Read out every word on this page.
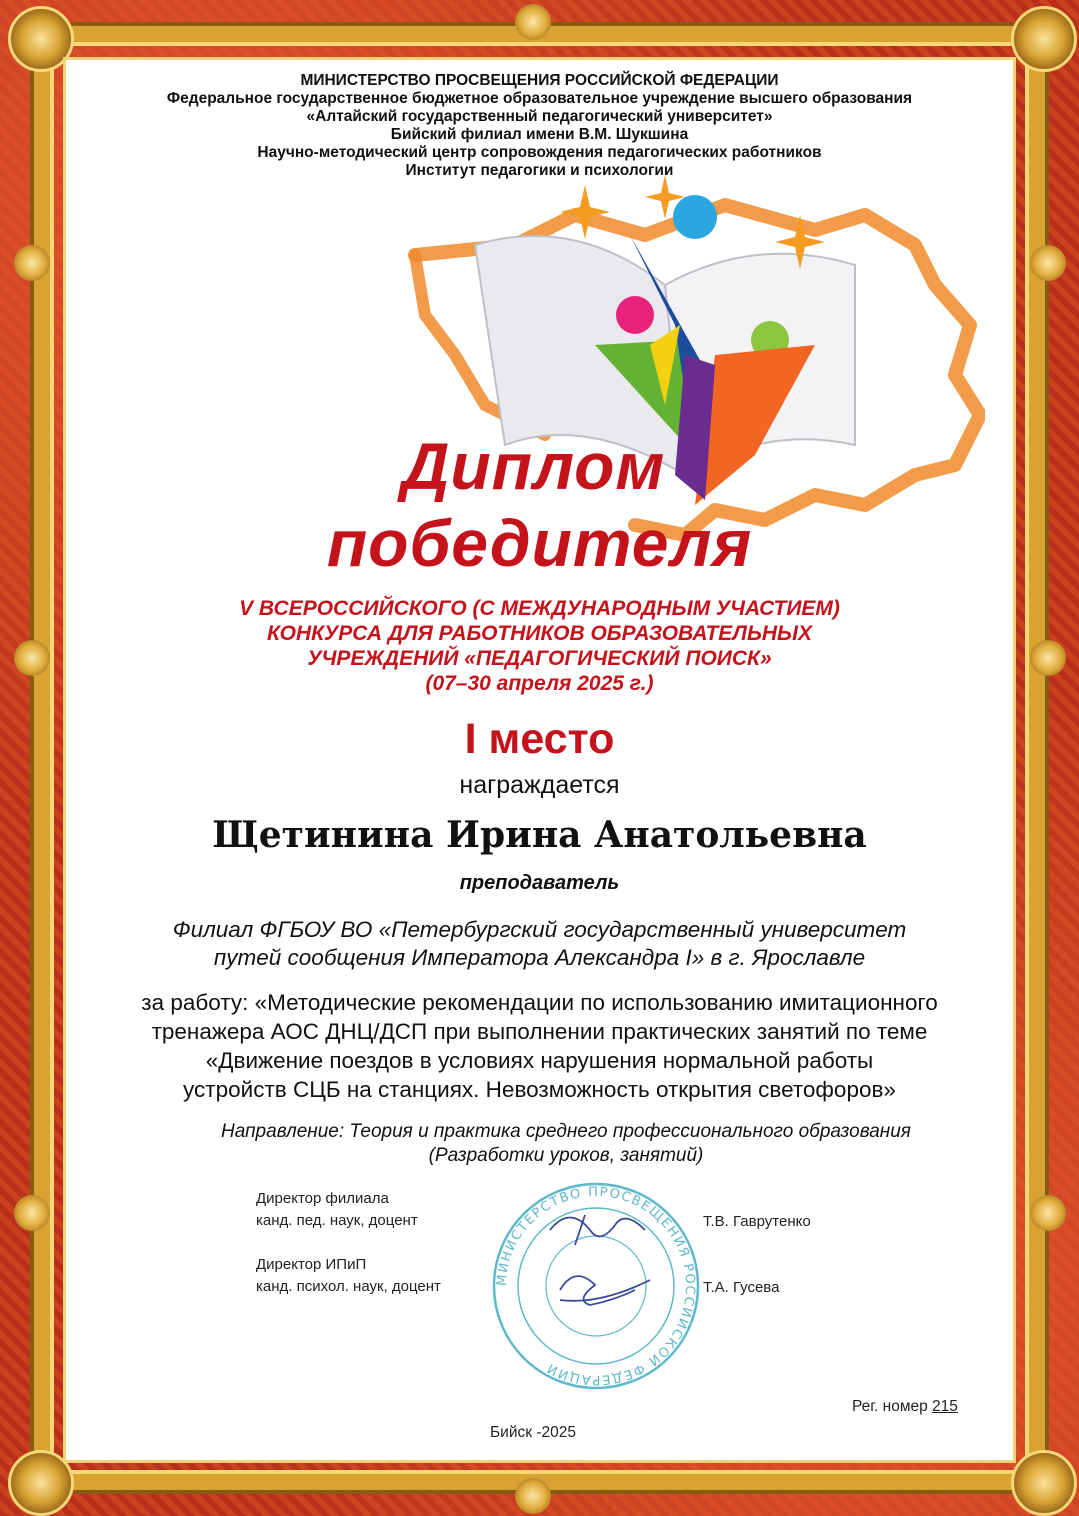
МИНИСТЕРСТВО ПРОСВЕЩЕНИЯ РОССИЙСКОЙ ФЕДЕРАЦИИ
Федеральное государственное бюджетное образовательное учреждение высшего образования
«Алтайский государственный педагогический университет»
Бийский филиал имени В.М. Шукшина
Научно-методический центр сопровождения педагогических работников
Институт педагогики и психологии
Диплом
победителя
V ВСЕРОССИЙСКОГО (С МЕЖДУНАРОДНЫМ УЧАСТИЕМ)
КОНКУРСА ДЛЯ РАБОТНИКОВ ОБРАЗОВАТЕЛЬНЫХ
УЧРЕЖДЕНИЙ «ПЕДАГОГИЧЕСКИЙ ПОИСК»
(07–30 апреля 2025 г.)
I место
награждается
Щетинина Ирина Анатольевна
преподаватель
Филиал ФГБОУ ВО «Петербургский государственный университет
путей сообщения Императора Александра I» в г. Ярославле
за работу: «Методические рекомендации по использованию имитационного
тренажера АОС ДНЦ/ДСП при выполнении практических занятий по теме
«Движение поездов в условиях нарушения нормальной работы
устройств СЦБ на станциях. Невозможность открытия светофоров»
Направление: Теория и практика среднего профессионального образования
(Разработки уроков, занятий)
МИНИСТЕРСТВО ПРОСВЕЩЕНИЯ РОССИЙСКОЙ ФЕДЕРАЦИИ
Директор филиала
канд. пед. наук, доцент	Т.В. Гаврутенко
Директор ИПиП
канд. психол. наук, доцент	Т.А. Гусева
Рег. номер 215
Бийск -2025
